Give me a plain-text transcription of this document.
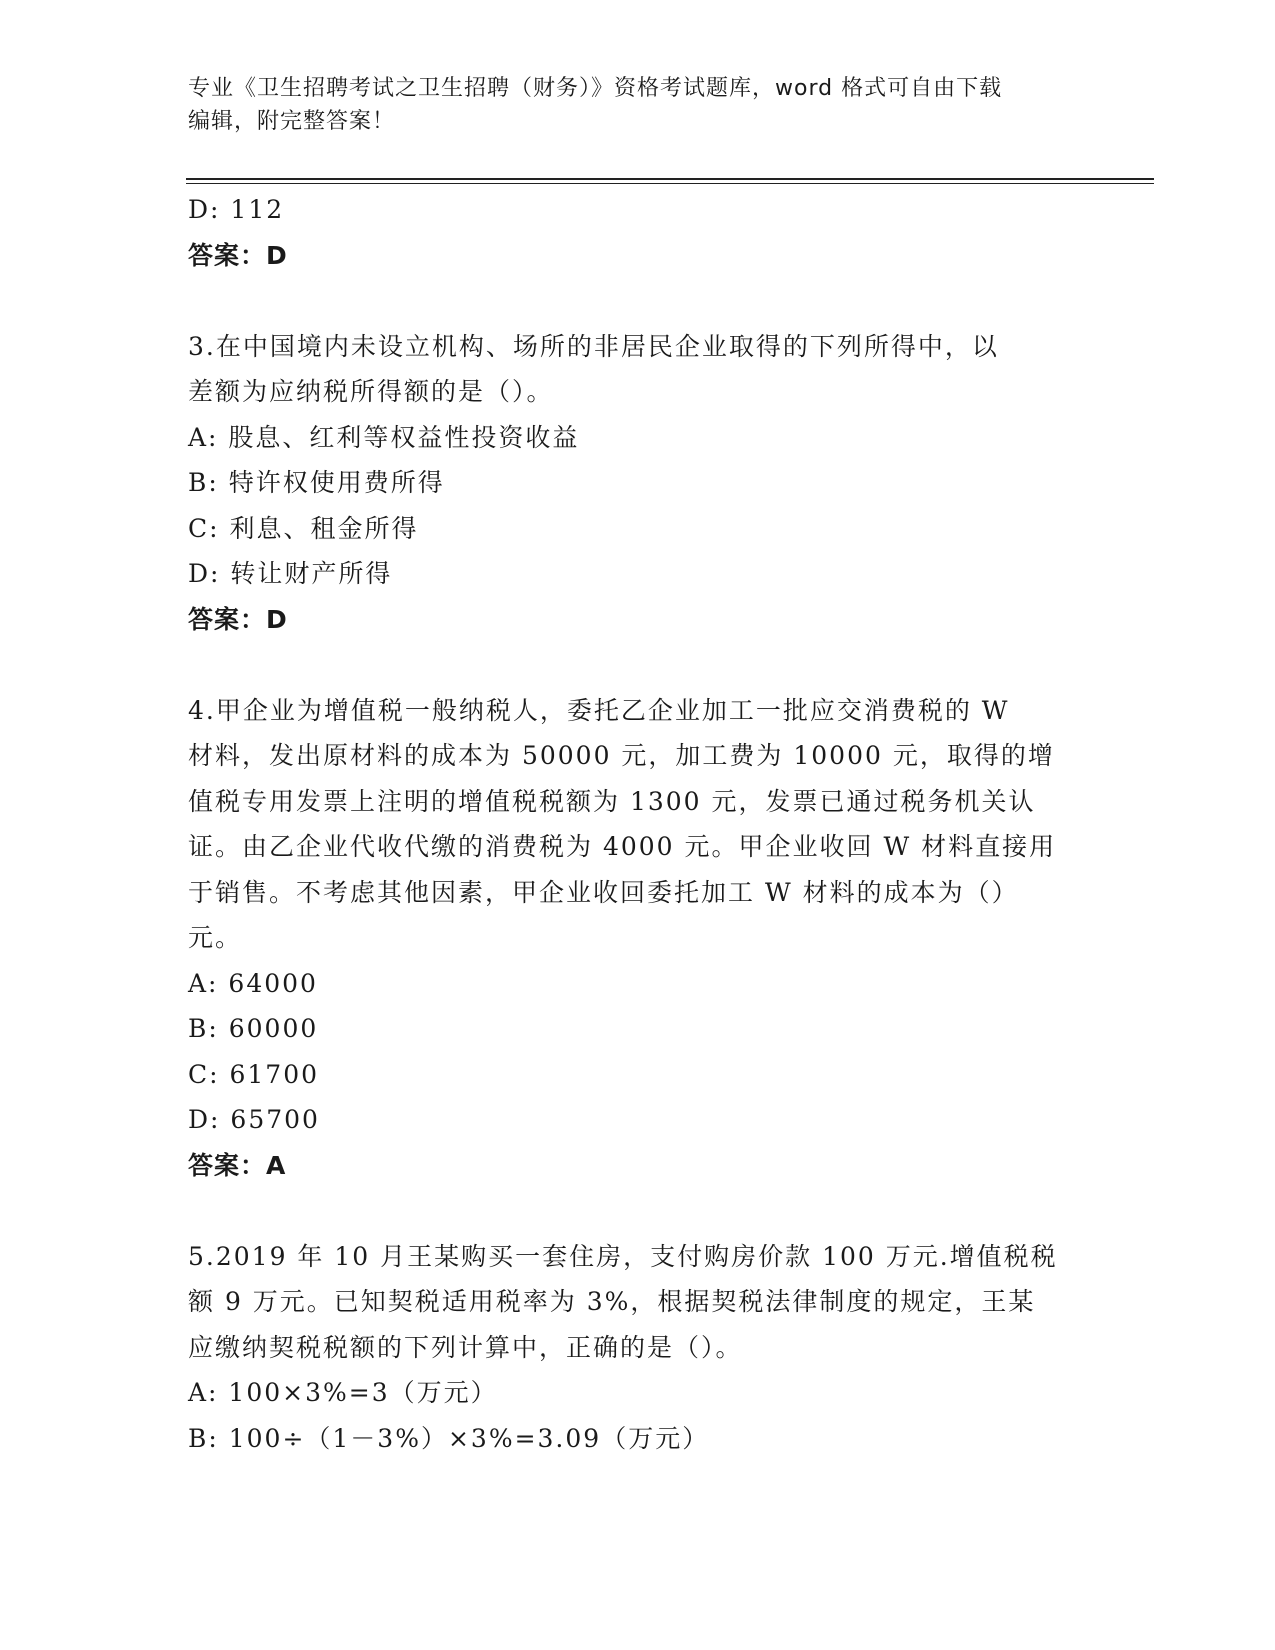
专业《卫生招聘考试之卫生招聘（财务）》资格考试题库，word 格式可自由下载
编辑，附完整答案！
D: 112
答案：D
3.在中国境内未设立机构、场所的非居民企业取得的下列所得中，以
差额为应纳税所得额的是（）。
A: 股息、红利等权益性投资收益
B: 特许权使用费所得
C: 利息、租金所得
D: 转让财产所得
答案：D
4.甲企业为增值税一般纳税人，委托乙企业加工一批应交消费税的 W
材料，发出原材料的成本为 50000 元，加工费为 10000 元，取得的增
值税专用发票上注明的增值税税额为 1300 元，发票已通过税务机关认
证。由乙企业代收代缴的消费税为 4000 元。甲企业收回 W 材料直接用
于销售。不考虑其他因素，甲企业收回委托加工 W 材料的成本为（）
元。
A: 64000
B: 60000
C: 61700
D: 65700
答案：A
5.2019 年 10 月王某购买一套住房，支付购房价款 100 万元.增值税税
额 9 万元。已知契税适用税率为 3%，根据契税法律制度的规定，王某
应缴纳契税税额的下列计算中，正确的是（）。
A: 100×3%=3（万元）
B: 100÷（1－3%）×3%=3.09（万元）
